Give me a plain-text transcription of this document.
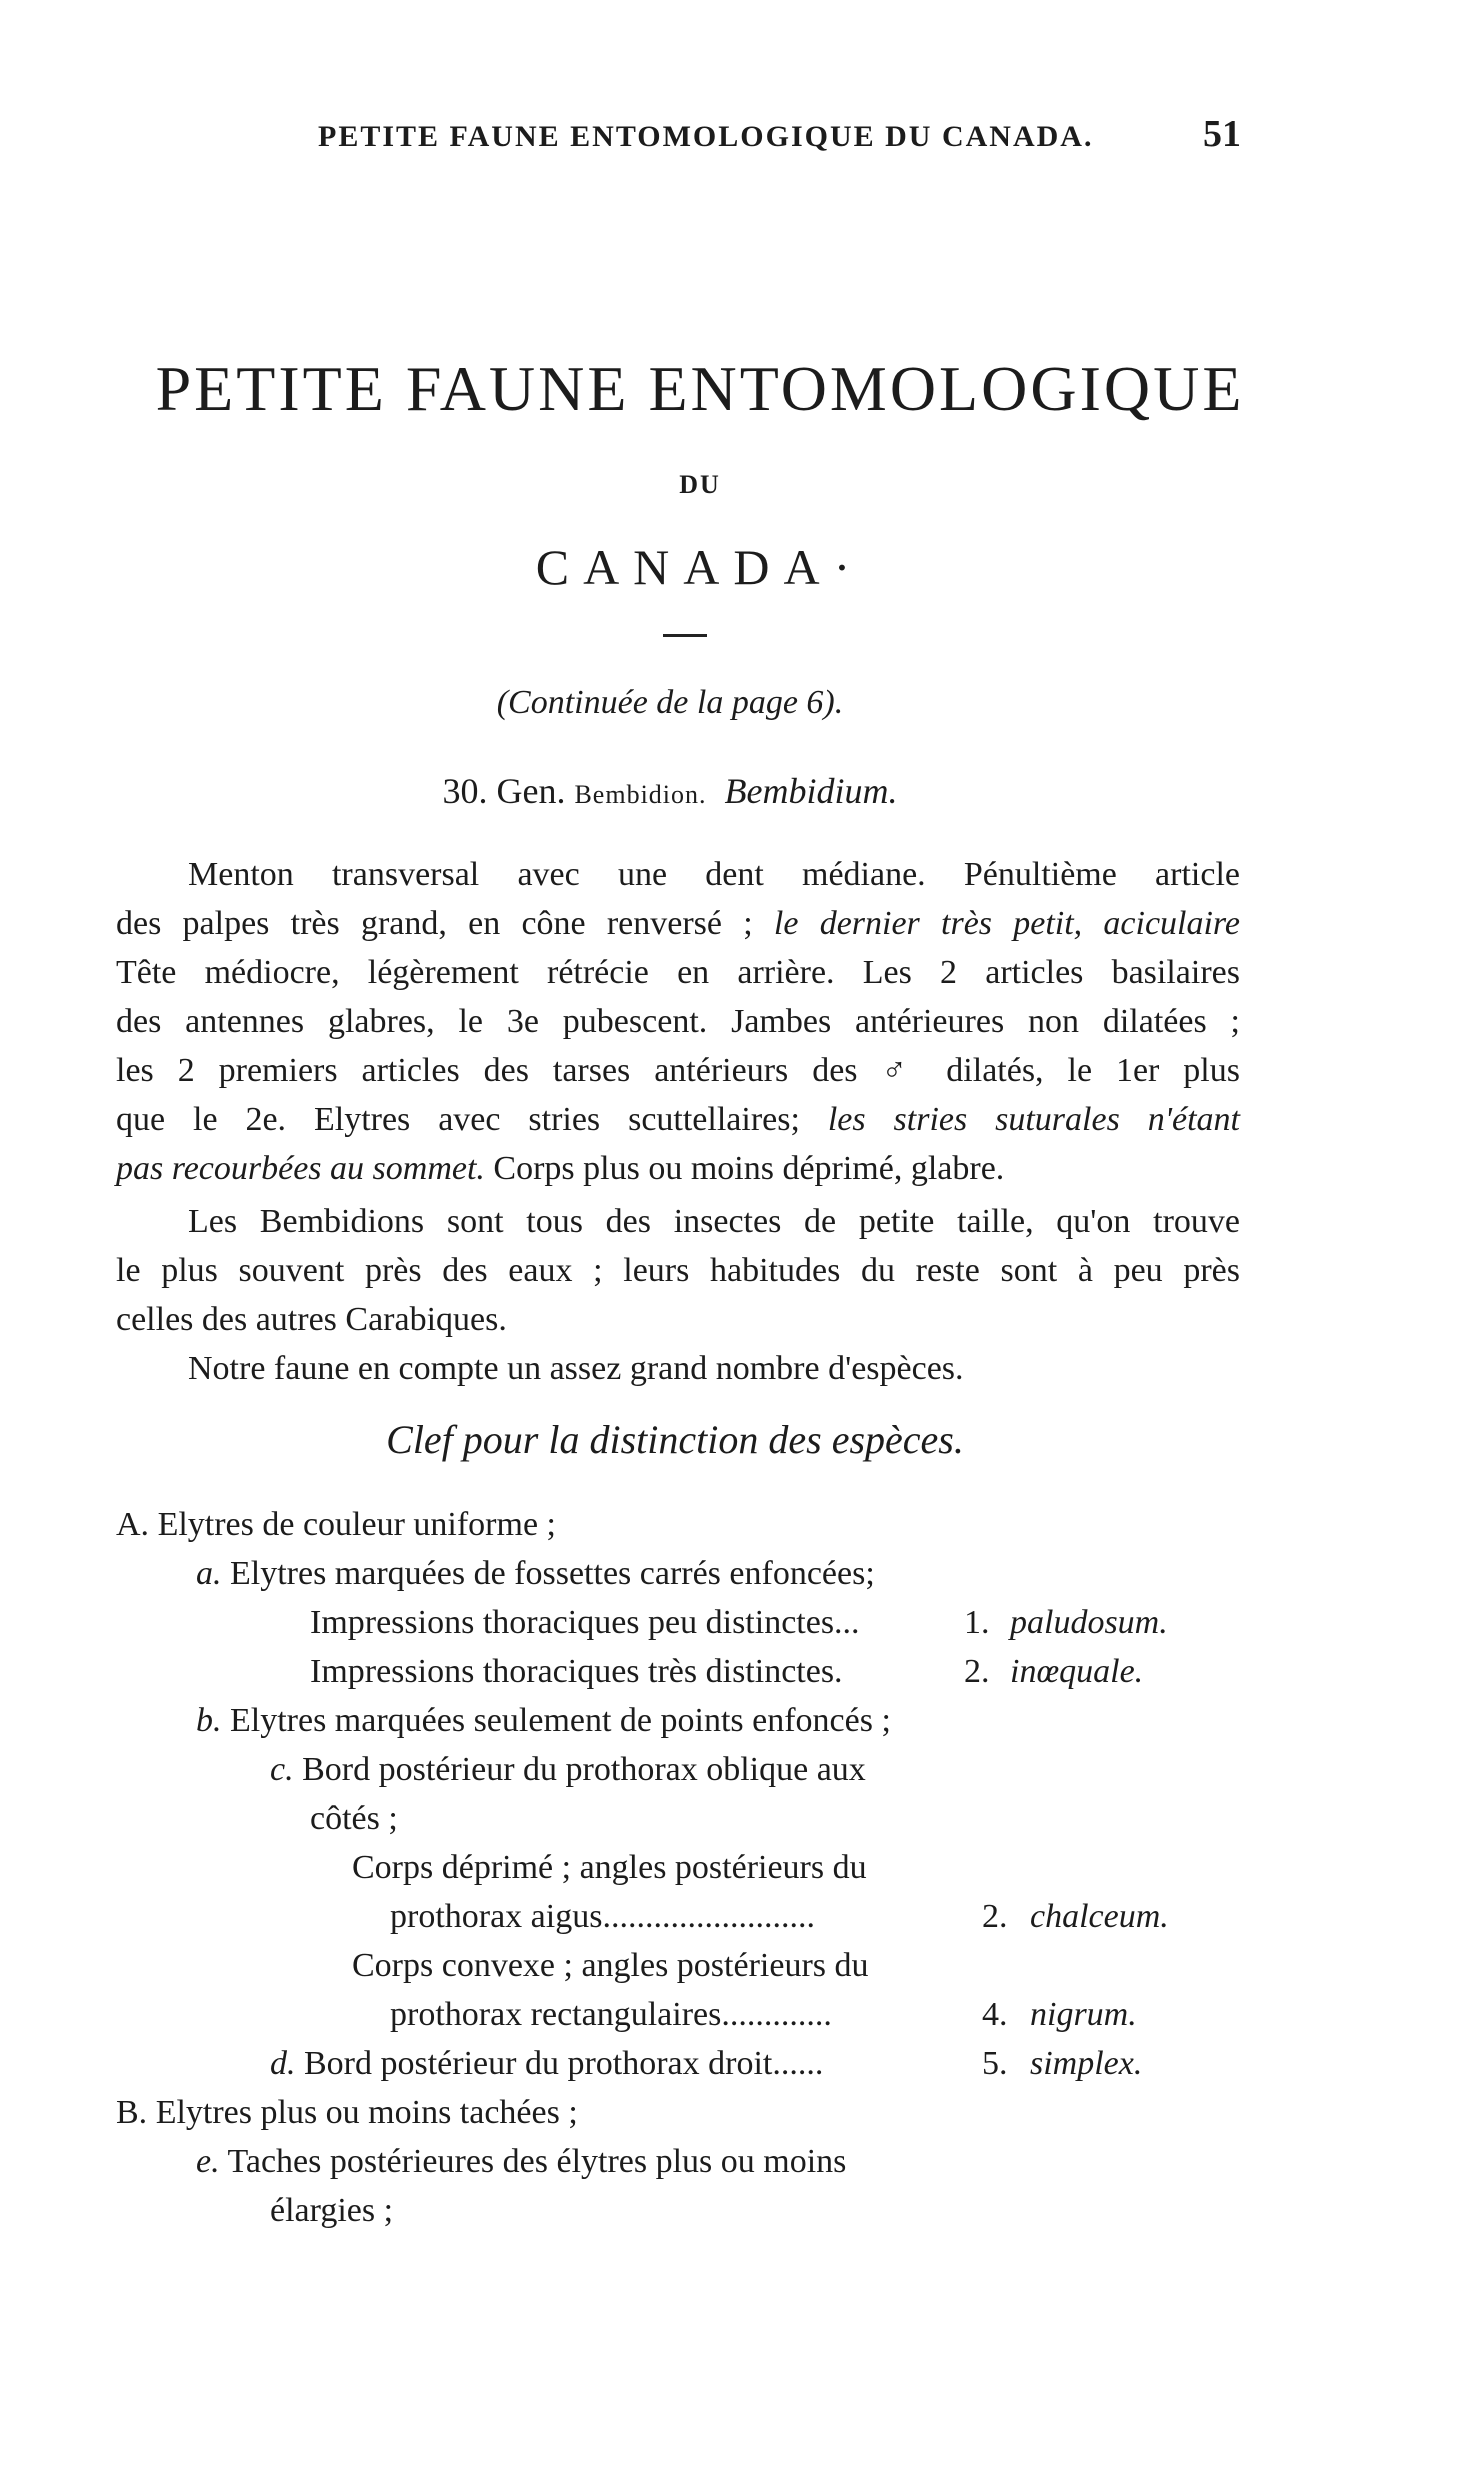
PETITE FAUNE ENTOMOLOGIQUE DU CANADA.	51
PETITE FAUNE ENTOMOLOGIQUE
DU
CANADA·
(Continuée de la page 6).
30. Gen. Bembidion. Bembidium.
Menton transversal avec une dent médiane. Pénultième article
des palpes très grand, en cône renversé ; le dernier très petit, aciculaire
Tête médiocre, légèrement rétrécie en arrière. Les 2 articles basilaires
des antennes glabres, le 3e pubescent. Jambes antérieures non dilatées ;
les 2 premiers articles des tarses antérieurs des ♂ dilatés, le 1er plus
que le 2e. Elytres avec stries scuttellaires; les stries suturales n'étant
pas recourbées au sommet. Corps plus ou moins déprimé, glabre.
Les Bembidions sont tous des insectes de petite taille, qu'on trouve
le plus souvent près des eaux ; leurs habitudes du reste sont à peu près
celles des autres Carabiques.
Notre faune en compte un assez grand nombre d'espèces.
Clef pour la distinction des espèces.
A. Elytres de couleur uniforme ;
a. Elytres marquées de fossettes carrés enfoncées;
Impressions thoraciques peu distinctes...	1. paludosum.
Impressions thoraciques très distinctes.	2. inœquale.
b. Elytres marquées seulement de points enfoncés ;
c. Bord postérieur du prothorax oblique aux
côtés ;
Corps déprimé ; angles postérieurs du
prothorax aigus.........................	2. chalceum.
Corps convexe ; angles postérieurs du
prothorax rectangulaires.............	4. nigrum.
d. Bord postérieur du prothorax droit......	5. simplex.
B. Elytres plus ou moins tachées ;
e. Taches postérieures des élytres plus ou moins
élargies ;
